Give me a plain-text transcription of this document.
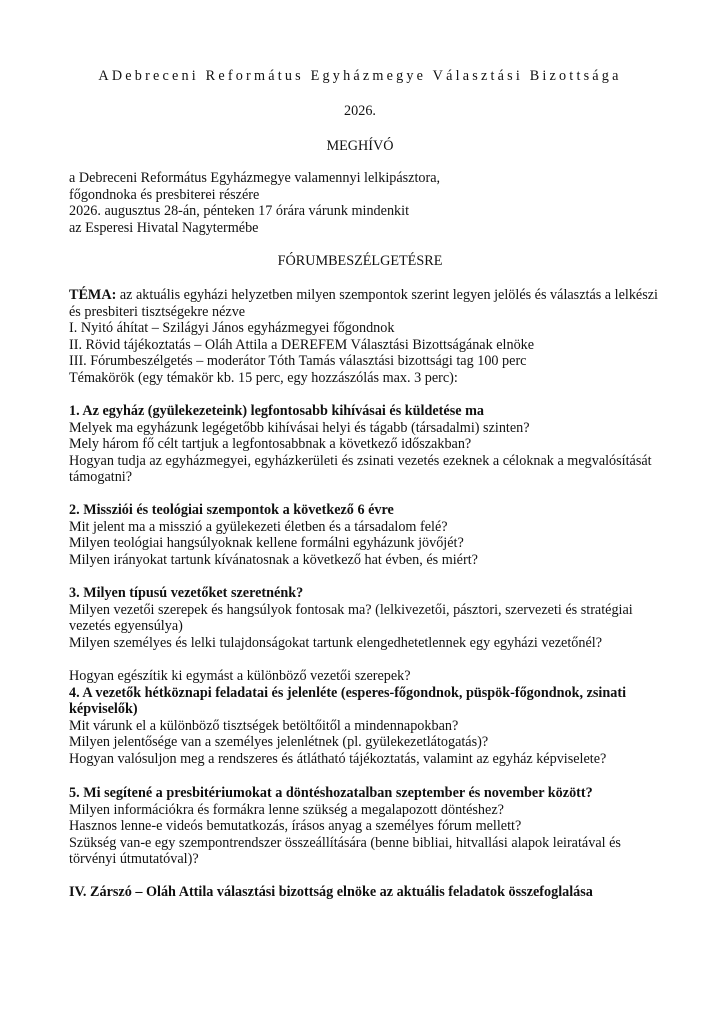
ADebreceni Református Egyházmegye Választási Bizottsága

2026.

MEGHÍVÓ

a Debreceni Református Egyházmegye valamennyi lelkipásztora,

főgondnoka és presbiterei részére

2026. augusztus 28-án, pénteken 17 órára várunk mindenkit

az Esperesi Hivatal Nagytermébe

FÓRUMBESZÉLGETÉSRE

TÉMA: az aktuális egyházi helyzetben milyen szempontok szerint legyen jelölés és választás a lelkészi és presbiteri tisztségekre nézve

I. Nyitó áhítat – Szilágyi János egyházmegyei főgondnok

II. Rövid tájékoztatás – Oláh Attila a DEREFEM Választási Bizottságának elnöke

III. Fórumbeszélgetés – moderátor Tóth Tamás választási bizottsági tag 100 perc

Témakörök (egy témakör kb. 15 perc, egy hozzászólás max. 3 perc):

1. Az egyház (gyülekezeteink) legfontosabb kihívásai és küldetése ma

Melyek ma egyházunk legégetőbb kihívásai helyi és tágabb (társadalmi) szinten?

Mely három fő célt tartjuk a legfontosabbnak a következő időszakban?

Hogyan tudja az egyházmegyei, egyházkerületi és zsinati vezetés ezeknek a céloknak a megvalósítását támogatni?

2. Missziói és teológiai szempontok a következő 6 évre

Mit jelent ma a misszió a gyülekezeti életben és a társadalom felé?

Milyen teológiai hangsúlyoknak kellene formálni egyházunk jövőjét?

Milyen irányokat tartunk kívánatosnak a következő hat évben, és miért?

3. Milyen típusú vezetőket szeretnénk?

Milyen vezetői szerepek és hangsúlyok fontosak ma? (lelkivezetői, pásztori, szervezeti és stratégiai vezetés egyensúlya)

Milyen személyes és lelki tulajdonságokat tartunk elengedhetetlennek egy egyházi vezetőnél?

Hogyan egészítik ki egymást a különböző vezetői szerepek?

4. A vezetők hétköznapi feladatai és jelenléte (esperes-főgondnok, püspök-főgondnok, zsinati képviselők)

Mit várunk el a különböző tisztségek betöltőitől a mindennapokban?

Milyen jelentősége van a személyes jelenlétnek (pl. gyülekezetlátogatás)?

Hogyan valósuljon meg a rendszeres és átlátható tájékoztatás, valamint az egyház képviselete?

5. Mi segítené a presbitériumokat a döntéshozatalban szeptember és november között?

Milyen információkra és formákra lenne szükség a megalapozott döntéshez?

Hasznos lenne-e videós bemutatkozás, írásos anyag a személyes fórum mellett?

Szükség van-e egy szempontrendszer összeállítására (benne bibliai, hitvallási alapok leiratával és törvényi útmutatóval)?

IV. Zárszó – Oláh Attila választási bizottság elnöke az aktuális feladatok összefoglalása
